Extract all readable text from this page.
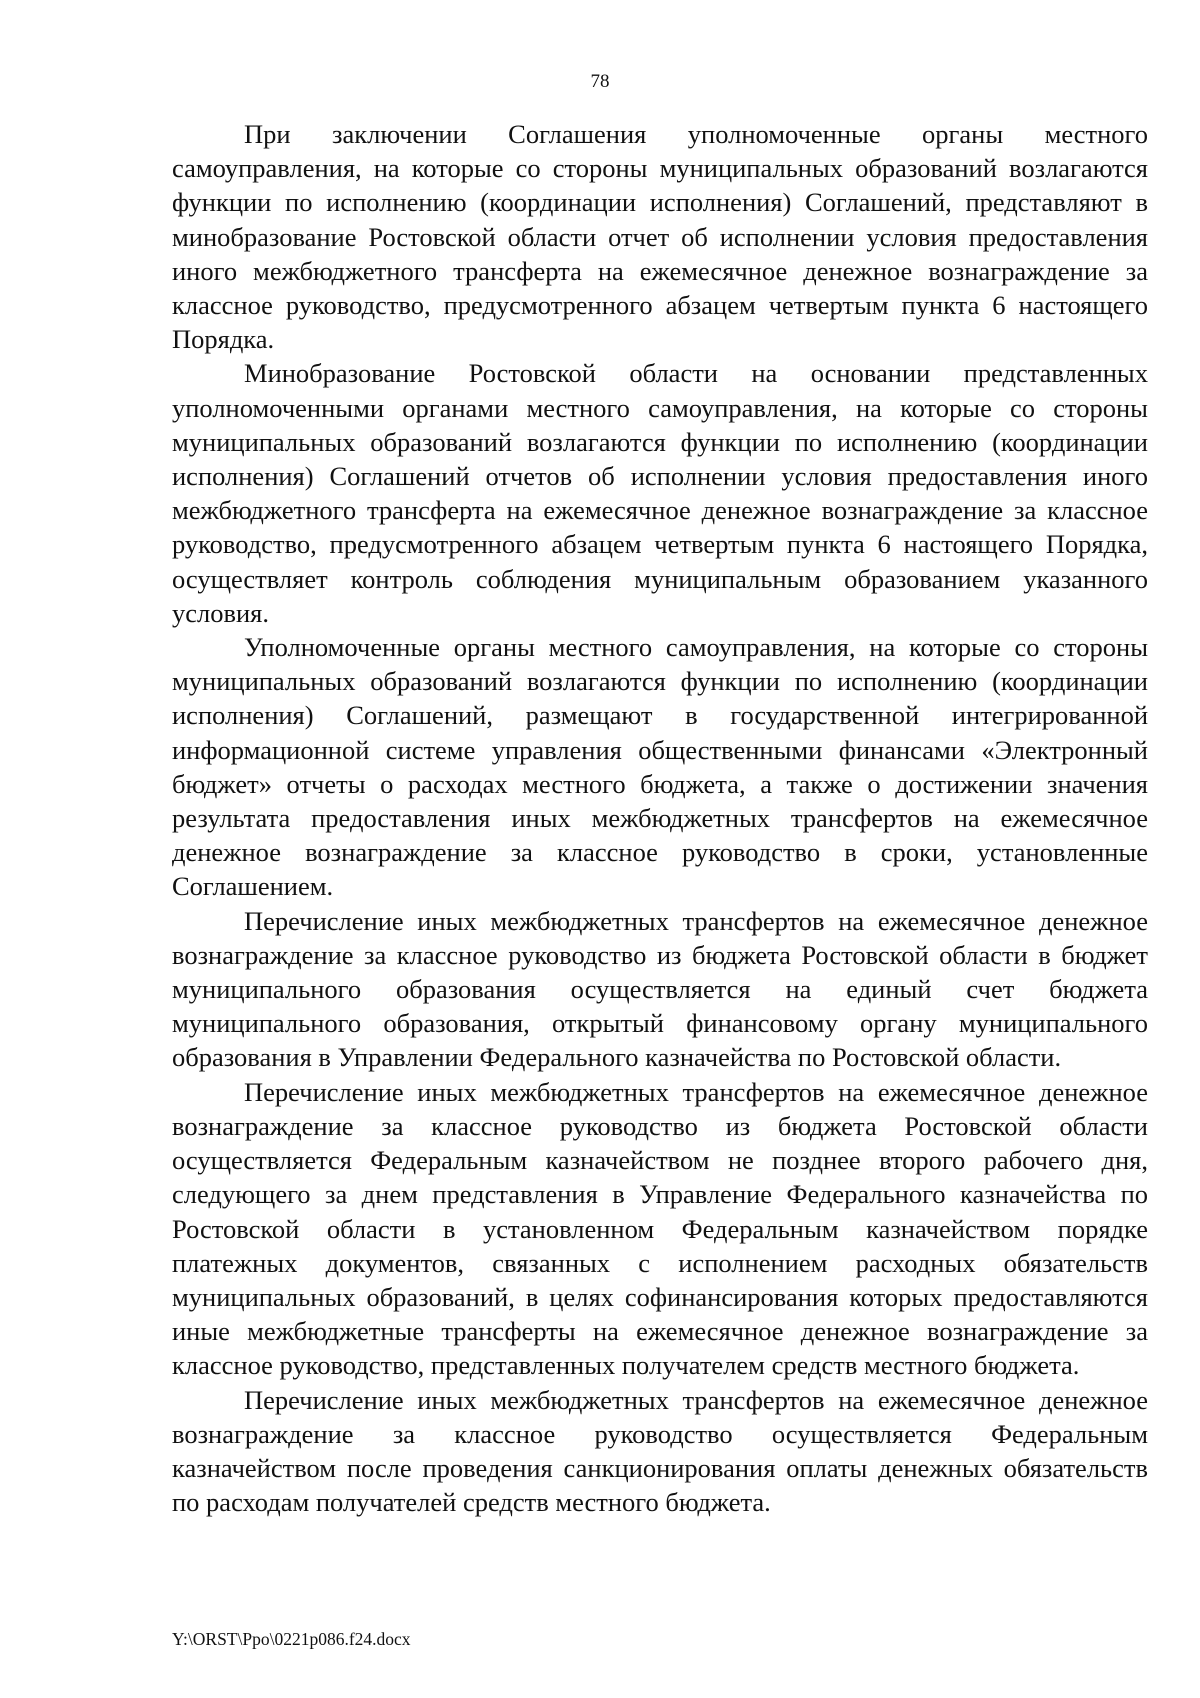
78

При заключении Соглашения уполномоченные органы местного самоуправления, на которые со стороны муниципальных образований возлагаются функции по исполнению (координации исполнения) Соглашений, представляют в минобразование Ростовской области отчет об исполнении условия предоставления иного межбюджетного трансферта на ежемесячное денежное вознаграждение за классное руководство, предусмотренного абзацем четвертым пункта 6 настоящего Порядка.

Минобразование Ростовской области на основании представленных уполномоченными органами местного самоуправления, на которые со стороны муниципальных образований возлагаются функции по исполнению (координации исполнения) Соглашений отчетов об исполнении условия предоставления иного межбюджетного трансферта на ежемесячное денежное вознаграждение за классное руководство, предусмотренного абзацем четвертым пункта 6 настоящего Порядка, осуществляет контроль соблюдения муниципальным образованием указанного условия.

Уполномоченные органы местного самоуправления, на которые со стороны муниципальных образований возлагаются функции по исполнению (координации исполнения) Соглашений, размещают в государственной интегрированной информационной системе управления общественными финансами «Электронный бюджет» отчеты о расходах местного бюджета, а также о достижении значения результата предоставления иных межбюджетных трансфертов на ежемесячное денежное вознаграждение за классное руководство в сроки, установленные Соглашением.

Перечисление иных межбюджетных трансфертов на ежемесячное денежное вознаграждение за классное руководство из бюджета Ростовской области в бюджет муниципального образования осуществляется на единый счет бюджета муниципального образования, открытый финансовому органу муниципального образования в Управлении Федерального казначейства по Ростовской области.

Перечисление иных межбюджетных трансфертов на ежемесячное денежное вознаграждение за классное руководство из бюджета Ростовской области осуществляется Федеральным казначейством не позднее второго рабочего дня, следующего за днем представления в Управление Федерального казначейства по Ростовской области в установленном Федеральным казначейством порядке платежных документов, связанных с исполнением расходных обязательств муниципальных образований, в целях софинансирования которых предоставляются иные межбюджетные трансферты на ежемесячное денежное вознаграждение за классное руководство, представленных получателем средств местного бюджета.

Перечисление иных межбюджетных трансфертов на ежемесячное денежное вознаграждение за классное руководство осуществляется Федеральным казначейством после проведения санкционирования оплаты денежных обязательств по расходам получателей средств местного бюджета.

Y:\ORST\Ppo\0221p086.f24.docx
